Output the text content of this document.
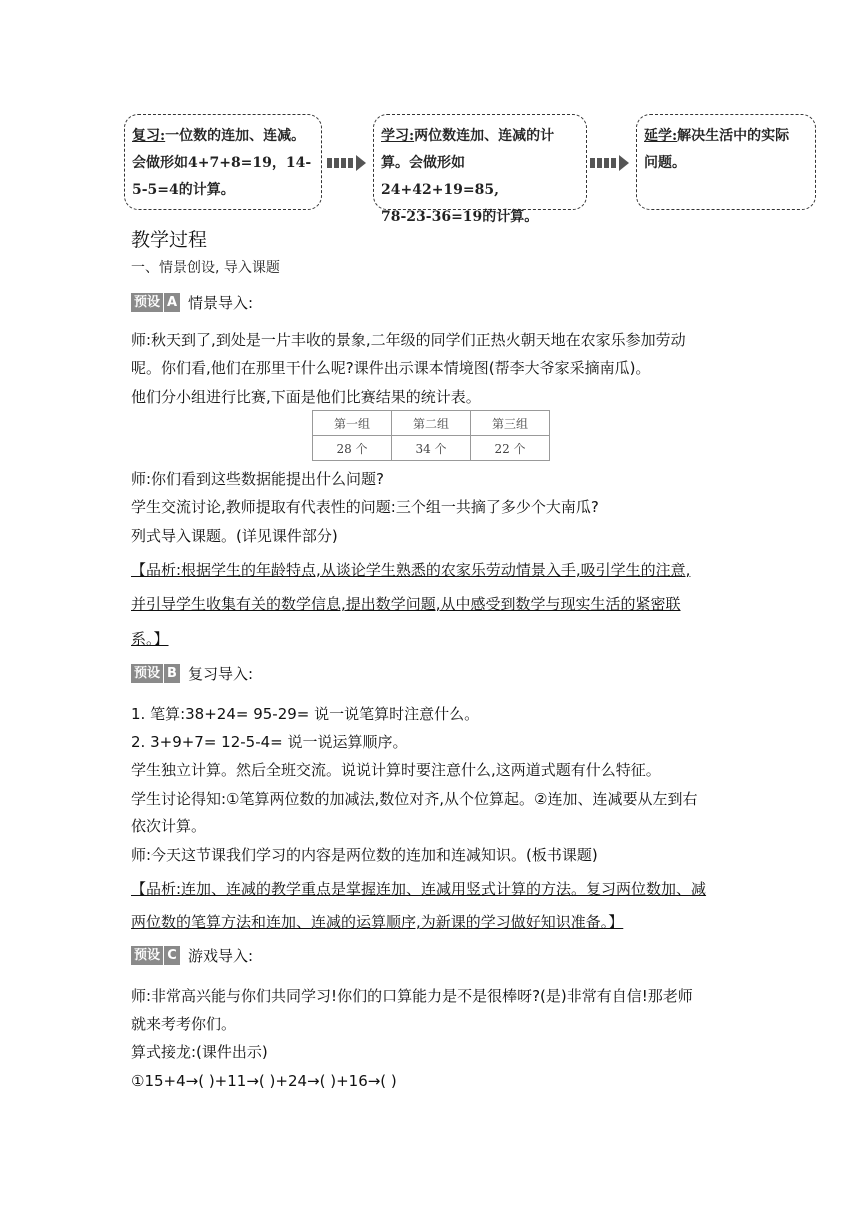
复习:一位数的连加、连减。
会做形如4+7+8=19，14-
5-5=4的计算。
学习:两位数连加、连减的计
算。会做形如24+42+19=85,
78-23-36=19的计算。
延学:解决生活中的实际
问题。
教学过程
一、情景创设, 导入课题
预设 A 情景导入:
师:秋天到了,到处是一片丰收的景象,二年级的同学们正热火朝天地在农家乐参加劳动
呢。你们看,他们在那里干什么呢?课件出示课本情境图(帮李大爷家采摘南瓜)。
他们分小组进行比赛,下面是他们比赛结果的统计表。
第一组	第二组	第三组
28 个	34 个	22 个
师:你们看到这些数据能提出什么问题?
学生交流讨论,教师提取有代表性的问题:三个组一共摘了多少个大南瓜?
列式导入课题。(详见课件部分)
【品析:根据学生的年龄特点,从谈论学生熟悉的农家乐劳动情景入手,吸引学生的注意,
并引导学生收集有关的数学信息,提出数学问题,从中感受到数学与现实生活的紧密联
系。】
预设 B 复习导入:
1. 笔算:38+24= 95-29= 说一说笔算时注意什么。
2. 3+9+7= 12-5-4= 说一说运算顺序。
学生独立计算。然后全班交流。说说计算时要注意什么,这两道式题有什么特征。
学生讨论得知:①笔算两位数的加减法,数位对齐,从个位算起。②连加、连减要从左到右
依次计算。
师:今天这节课我们学习的内容是两位数的连加和连减知识。(板书课题)
【品析:连加、连减的教学重点是掌握连加、连减用竖式计算的方法。复习两位数加、减
两位数的笔算方法和连加、连减的运算顺序,为新课的学习做好知识准备。】
预设 C 游戏导入:
师:非常高兴能与你们共同学习!你们的口算能力是不是很棒呀?(是)非常有自信!那老师
就来考考你们。
算式接龙:(课件出示)
①15+4→( )+11→( )+24→( )+16→( )
